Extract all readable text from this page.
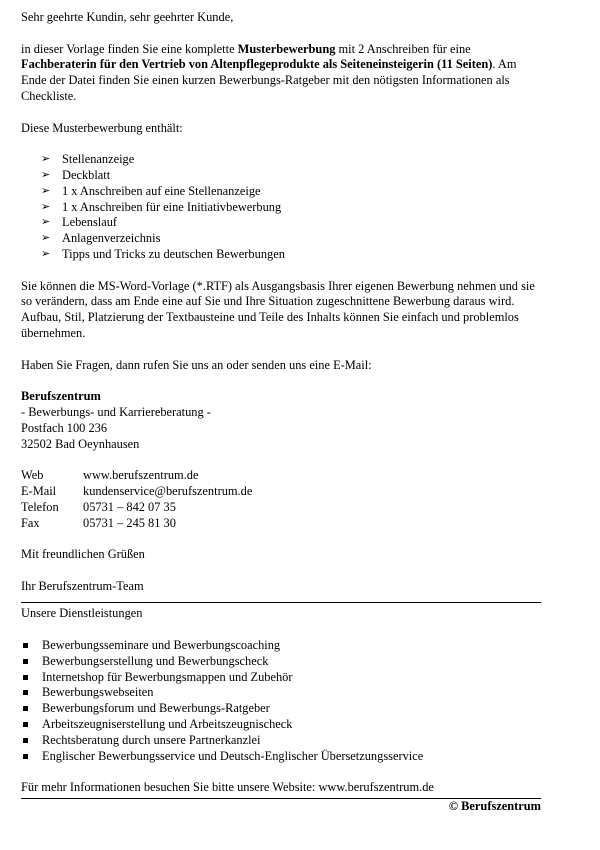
Sehr geehrte Kundin, sehr geehrter Kunde,

in dieser Vorlage finden Sie eine komplette Musterbewerbung mit 2 Anschreiben für eine Fachberaterin für den Vertrieb von Altenpflegeprodukte als Seiteneinsteigerin (11 Seiten). Am Ende der Datei finden Sie einen kurzen Bewerbungs-Ratgeber mit den nötigsten Informationen als Checkliste.

Diese Musterbewerbung enthält:

➢ Stellenanzeige
➢ Deckblatt
➢ 1 x Anschreiben auf eine Stellenanzeige
➢ 1 x Anschreiben für eine Initiativbewerbung
➢ Lebenslauf
➢ Anlagenverzeichnis
➢ Tipps und Tricks zu deutschen Bewerbungen

Sie können die MS-Word-Vorlage (*.RTF) als Ausgangsbasis Ihrer eigenen Bewerbung nehmen und sie so verändern, dass am Ende eine auf Sie und Ihre Situation zugeschnittene Bewerbung daraus wird. Aufbau, Stil, Platzierung der Textbausteine und Teile des Inhalts können Sie einfach und problemlos übernehmen.

Haben Sie Fragen, dann rufen Sie uns an oder senden uns eine E-Mail:

Berufszentrum

- Bewerbungs- und Karriereberatung -

Postfach 100 236

32502 Bad Oeynhausen

Web	www.berufszentrum.de
E-Mail	kundenservice@berufszentrum.de
Telefon	05731 – 842 07 35
Fax	05731 – 245 81 30

Mit freundlichen Grüßen

Ihr Berufszentrum-Team

Unsere Dienstleistungen

Bewerbungsseminare und Bewerbungscoaching
Bewerbungserstellung und Bewerbungscheck
Internetshop für Bewerbungsmappen und Zubehör
Bewerbungswebseiten
Bewerbungsforum und Bewerbungs-Ratgeber
Arbeitszeugniserstellung und Arbeitszeugnischeck
Rechtsberatung durch unsere Partnerkanzlei
Englischer Bewerbungsservice und Deutsch-Englischer Übersetzungsservice

Für mehr Informationen besuchen Sie bitte unsere Website: www.berufszentrum.de

© Berufszentrum
